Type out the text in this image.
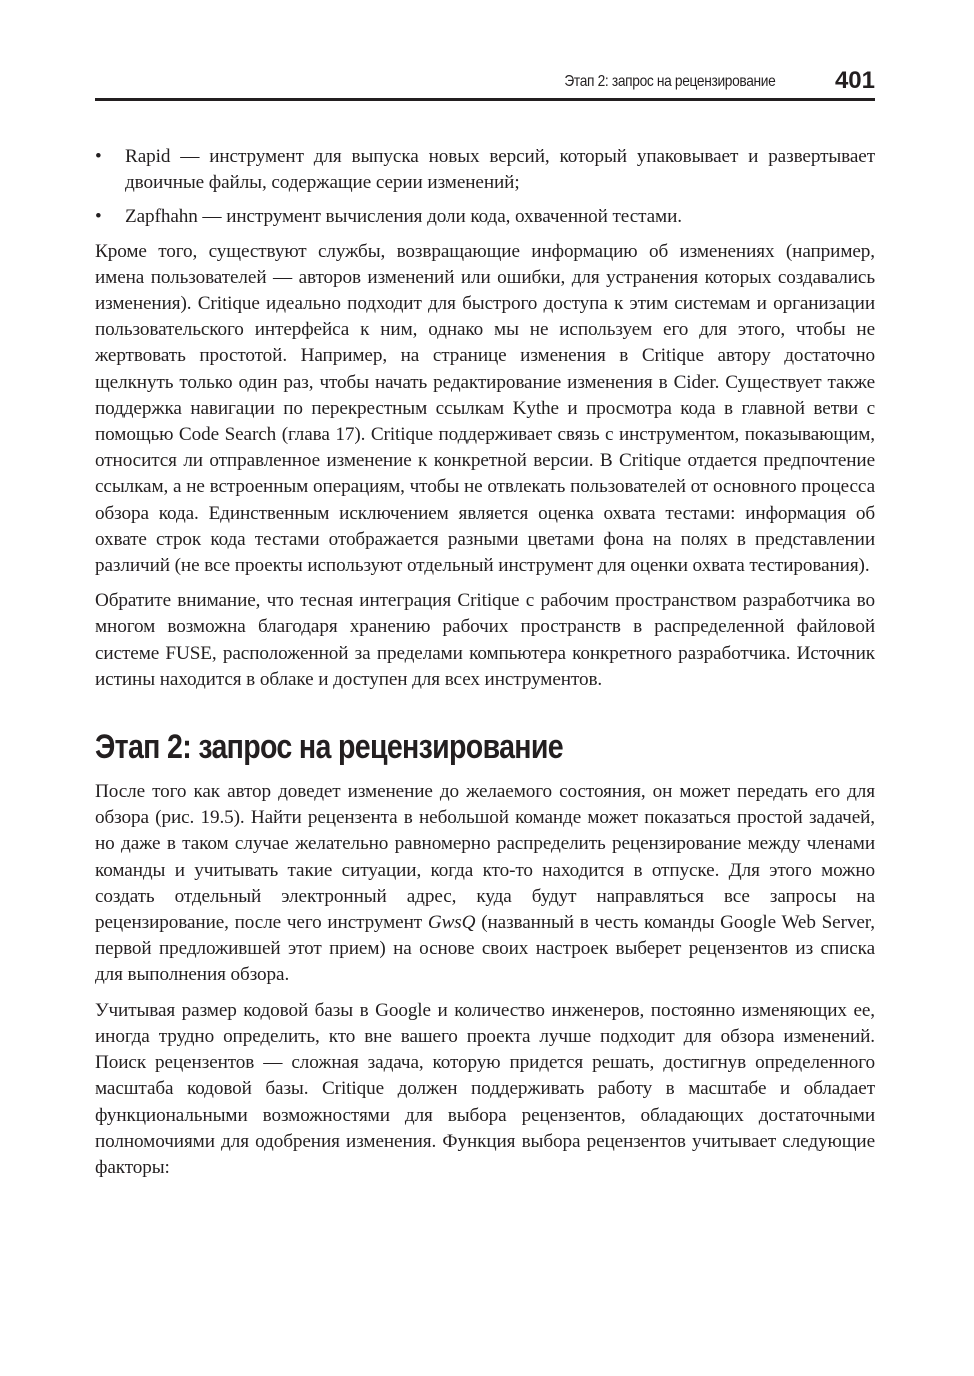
Этап 2: запрос на рецензирование 401
• Rapid — инструмент для выпуска новых версий, который упаковывает и развертывает двоичные файлы, содержащие серии изменений;
• Zapfhahn — инструмент вычисления доли кода, охваченной тестами.

Кроме того, существуют службы, возвращающие информацию об изменениях (например, имена пользователей — авторов изменений или ошибки, для устранения которых создавались изменения). Critique идеально подходит для быстрого доступа к этим системам и организации пользовательского интерфейса к ним, однако мы не используем его для этого, чтобы не жертвовать простотой. Например, на странице изменения в Critique автору достаточно щелкнуть только один раз, чтобы начать редактирование изменения в Cider. Существует также поддержка навигации по перекрестным ссылкам Kythe и просмотра кода в главной ветви с помощью Code Search (глава 17). Critique поддерживает связь с инструментом, показывающим, относится ли отправленное изменение к конкретной версии. В Critique отдается предпочтение ссылкам, а не встроенным операциям, чтобы не отвлекать пользователей от основного процесса обзора кода. Единственным исключением является оценка охвата тестами: информация об охвате строк кода тестами отображается разными цветами фона на полях в представлении различий (не все проекты используют отдельный инструмент для оценки охвата тестирования).

Обратите внимание, что тесная интеграция Critique с рабочим пространством разработчика во многом возможна благодаря хранению рабочих пространств в распределенной файловой системе FUSE, расположенной за пределами компьютера конкретного разработчика. Источник истины находится в облаке и доступен для всех инструментов.

Этап 2: запрос на рецензирование

После того как автор доведет изменение до желаемого состояния, он может передать его для обзора (рис. 19.5). Найти рецензента в небольшой команде может показаться простой задачей, но даже в таком случае желательно равномерно распределить рецензирование между членами команды и учитывать такие ситуации, когда кто-то находится в отпуске. Для этого можно создать отдельный электронный адрес, куда будут направляться все запросы на рецензирование, после чего инструмент GwsQ (названный в честь команды Google Web Server, первой предложившей этот прием) на основе своих настроек выберет рецензентов из списка для выполнения обзора.

Учитывая размер кодовой базы в Google и количество инженеров, постоянно изменяющих ее, иногда трудно определить, кто вне вашего проекта лучше подходит для обзора изменений. Поиск рецензентов — сложная задача, которую придется решать, достигнув определенного масштаба кодовой базы. Critique должен поддерживать работу в масштабе и обладает функциональными возможностями для выбора рецензентов, обладающих достаточными полномочиями для одобрения изменения. Функция выбора рецензентов учитывает следующие факторы:
